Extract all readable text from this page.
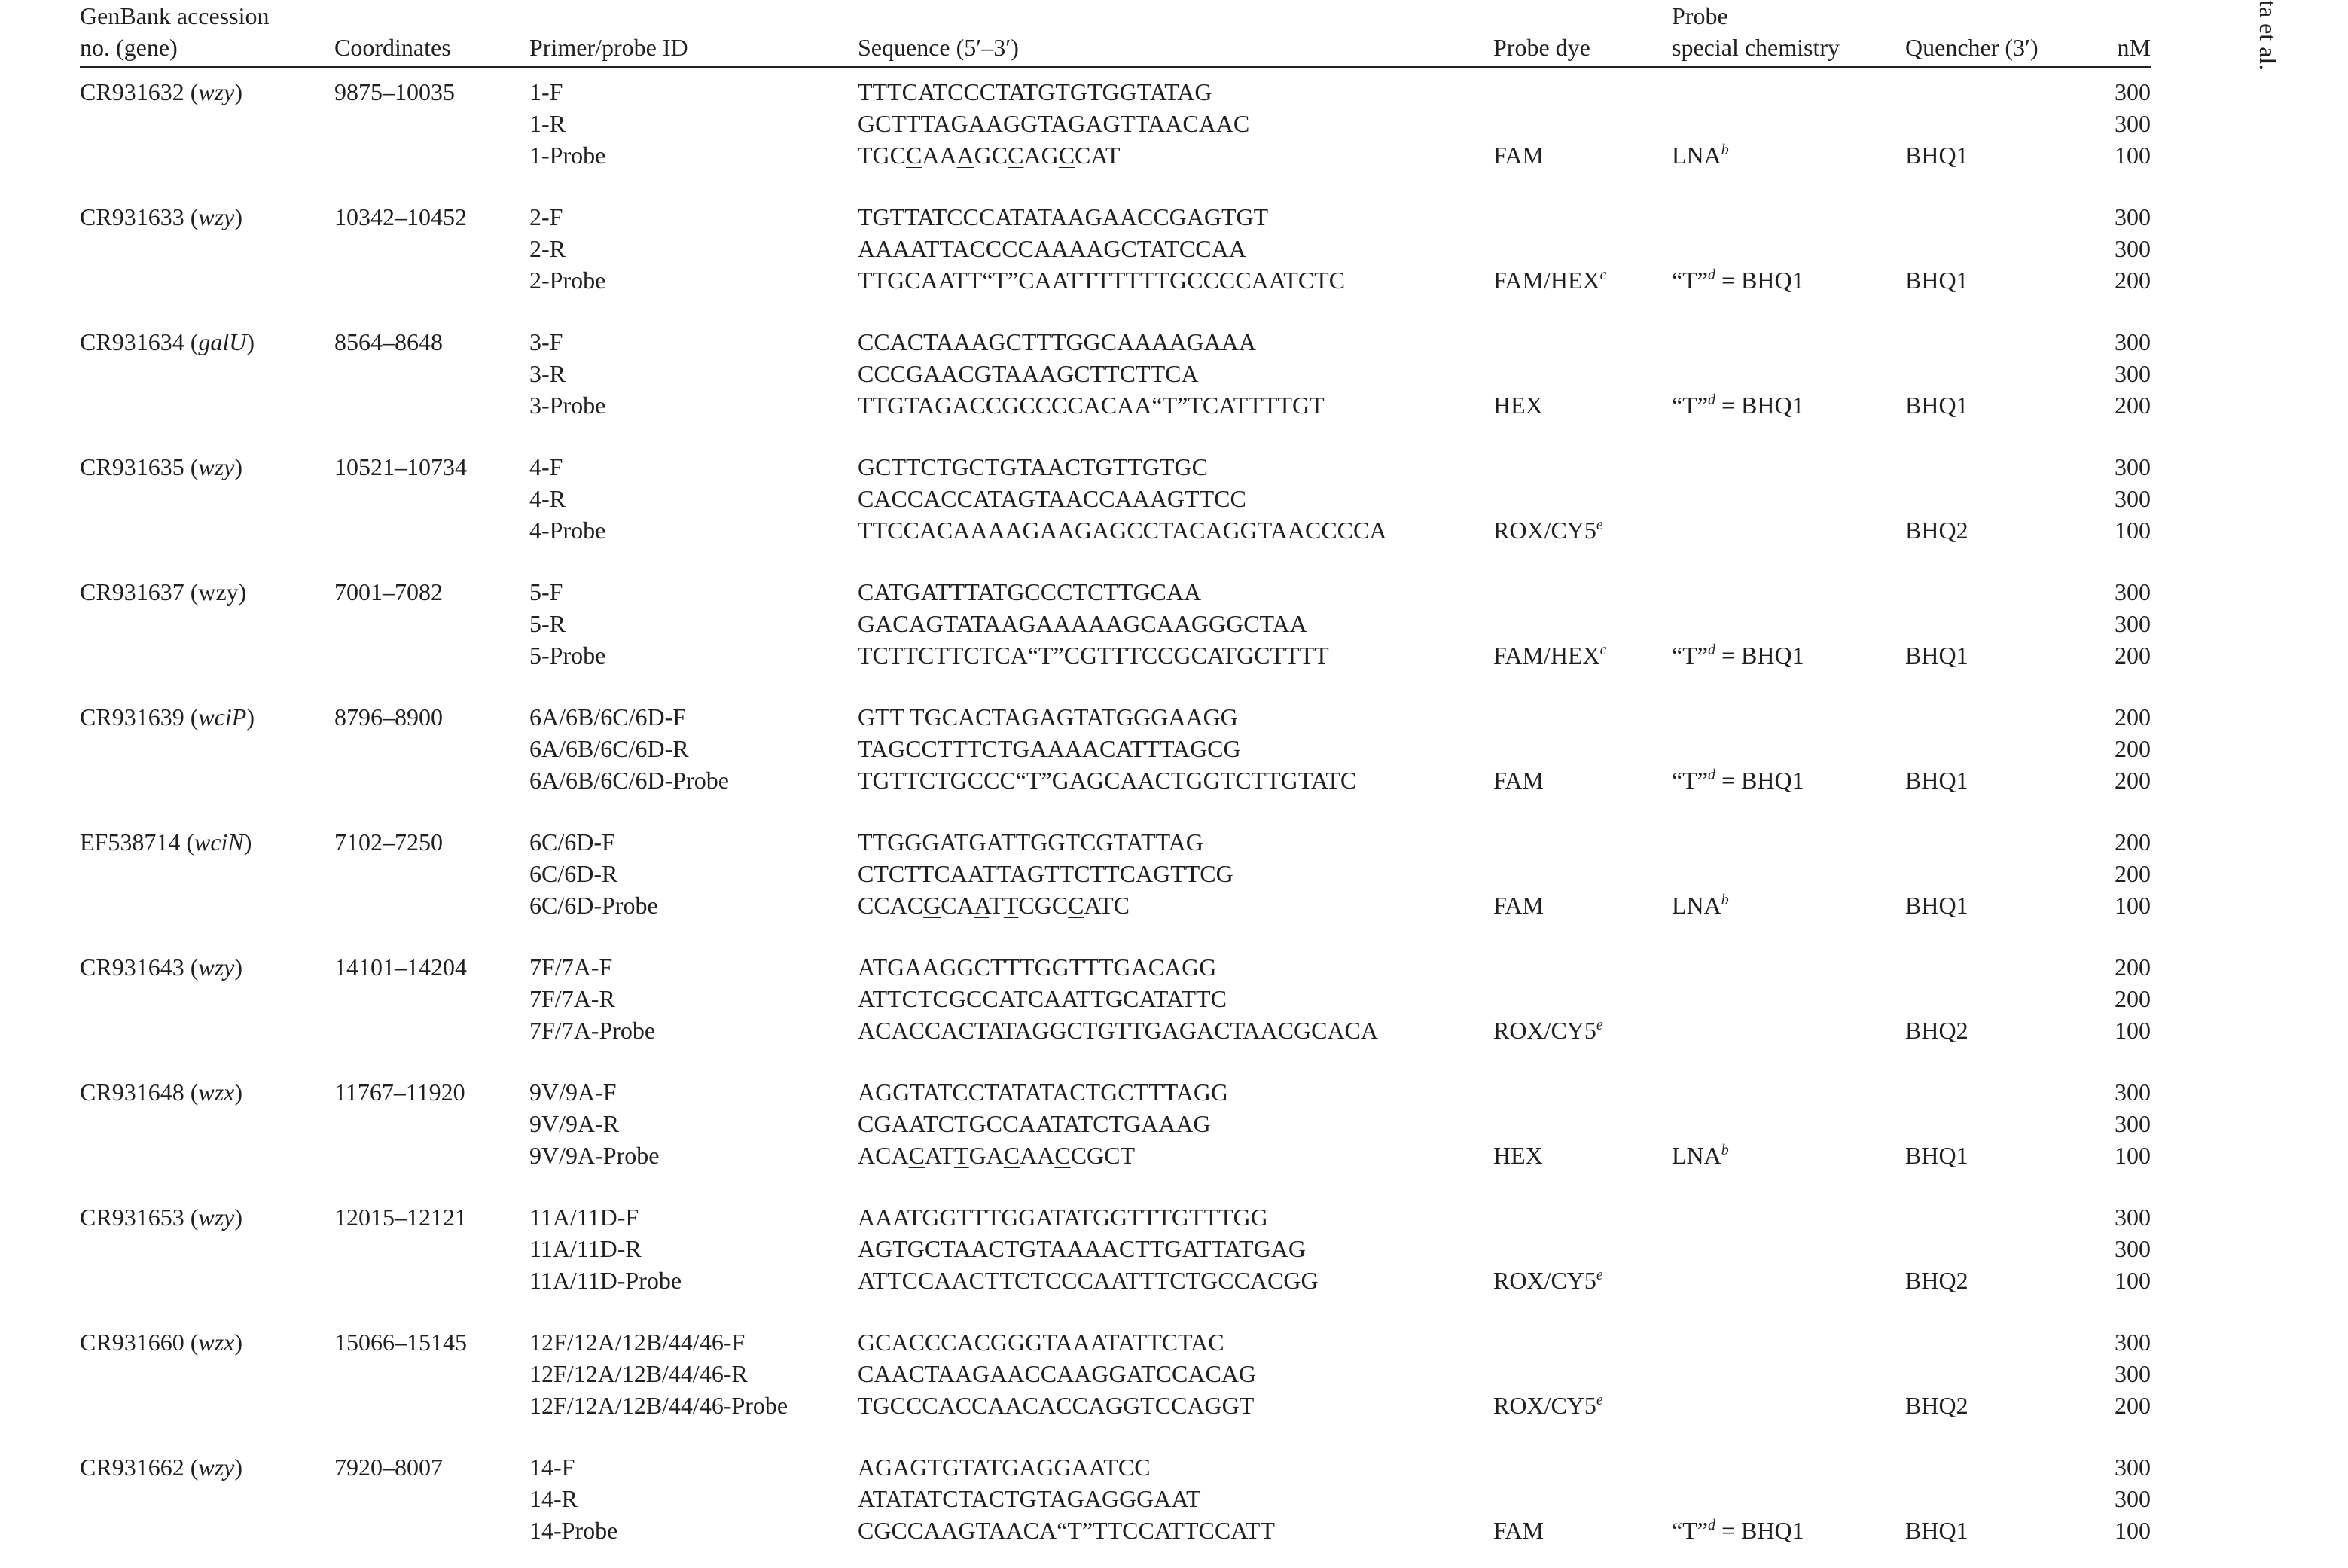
ta et al.
GenBank accession
no. (gene)	Coordinates	Primer/probe ID	Sequence (5′–3′)	Probe dye	Probe
special chemistry	Quencher (3′)	nM
CR931632 (wzy)	9875–10035	1-F	TTTCATCCCTATGTGTGGTATAG				300
		1-R	GCTTTAGAAGGTAGAGTTAACAAC				300
		1-Probe	TGCCAAAGCCAGCCAT	FAM	LNA$^b$	BHQ1	100
CR931633 (wzy)	10342–10452	2-F	TGTTATCCCATATAAGAACCGAGTGT				300
		2-R	AAAATTACCCCAAAAGCTATCCAA				300
		2-Probe	TTGCAATT“T”CAATTTTTTTGCCCCAATCTC	FAM/HEX$^c$	“T”$^d$ = BHQ1	BHQ1	200
CR931634 (galU)	8564–8648	3-F	CCACTAAAGCTTTGGCAAAAGAAA				300
		3-R	CCCGAACGTAAAGCTTCTTCA				300
		3-Probe	TTGTAGACCGCCCCACAA“T”TCATTTTGT	HEX	“T”$^d$ = BHQ1	BHQ1	200
CR931635 (wzy)	10521–10734	4-F	GCTTCTGCTGTAACTGTTGTGC				300
		4-R	CACCACCATAGTAACCAAAGTTCC				300
		4-Probe	TTCCACAAAAGAAGAGCCTACAGGTAACCCCA	ROX/CY5e		BHQ2	100
CR931637 (wzy)	7001–7082	5-F	CATGATTTATGCCCTCTTGCAA				300
		5-R	GACAGTATAAGAAAAAGCAAGGGCTAA				300
		5-Probe	TCTTCTTCTCA“T”CGTTTCCGCATGCTTTT	FAM/HEX$^c$	“T”$^d$ = BHQ1	BHQ1	200
CR931639 (wciP)	8796–8900	6A/6B/6C/6D-F	GTT TGCACTAGAGTATGGGAAGG				200
		6A/6B/6C/6D-R	TAGCCTTTCTGAAAACATTTAGCG				200
		6A/6B/6C/6D-Probe	TGTTCTGCCC“T”GAGCAACTGGTCTTGTATC	FAM	“T”$^d$ = BHQ1	BHQ1	200
EF538714 (wciN)	7102–7250	6C/6D-F	TTGGGATGATTGGTCGTATTAG				200
		6C/6D-R	CTCTTCAATTAGTTCTTCAGTTCG				200
		6C/6D-Probe	CCACGCAATTCGCCATC	FAM	LNA$^b$	BHQ1	100
CR931643 (wzy)	14101–14204	7F/7A-F	ATGAAGGCTTTGGTTTGACAGG				200
		7F/7A-R	ATTCTCGCCATCAATTGCATATTC				200
		7F/7A-Probe	ACACCACTATAGGCTGTTGAGACTAACGCACA	ROX/CY5e		BHQ2	100
CR931648 (wzx)	11767–11920	9V/9A-F	AGGTATCCTATATACTGCTTTAGG				300
		9V/9A-R	CGAATCTGCCAATATCTGAAAG				300
		9V/9A-Probe	ACACATTGACAACCGCT	HEX	LNA$^b$	BHQ1	100
CR931653 (wzy)	12015–12121	11A/11D-F	AAATGGTTTGGATATGGTTTGTTTGG				300
		11A/11D-R	AGTGCTAACTGTAAAACTTGATTATGAG				300
		11A/11D-Probe	ATTCCAACTTCTCCCAATTTCTGCCACGG	ROX/CY5e		BHQ2	100
CR931660 (wzx)	15066–15145	12F/12A/12B/44/46-F	GCACCCACGGGTAAATATTCTAC				300
		12F/12A/12B/44/46-R	CAACTAAGAACCAAGGATCCACAG				300
		12F/12A/12B/44/46-Probe	TGCCCACCAACACCAGGTCCAGGT	ROX/CY5e		BHQ2	200
CR931662 (wzy)	7920–8007	14-F	AGAGTGTATGAGGAATCC				300
		14-R	ATATATCTACTGTAGAGGGAAT				300
		14-Probe	CGCCAAGTAACA“T”TTCCATTCCATT	FAM	“T”$^d$ = BHQ1	BHQ1	100
